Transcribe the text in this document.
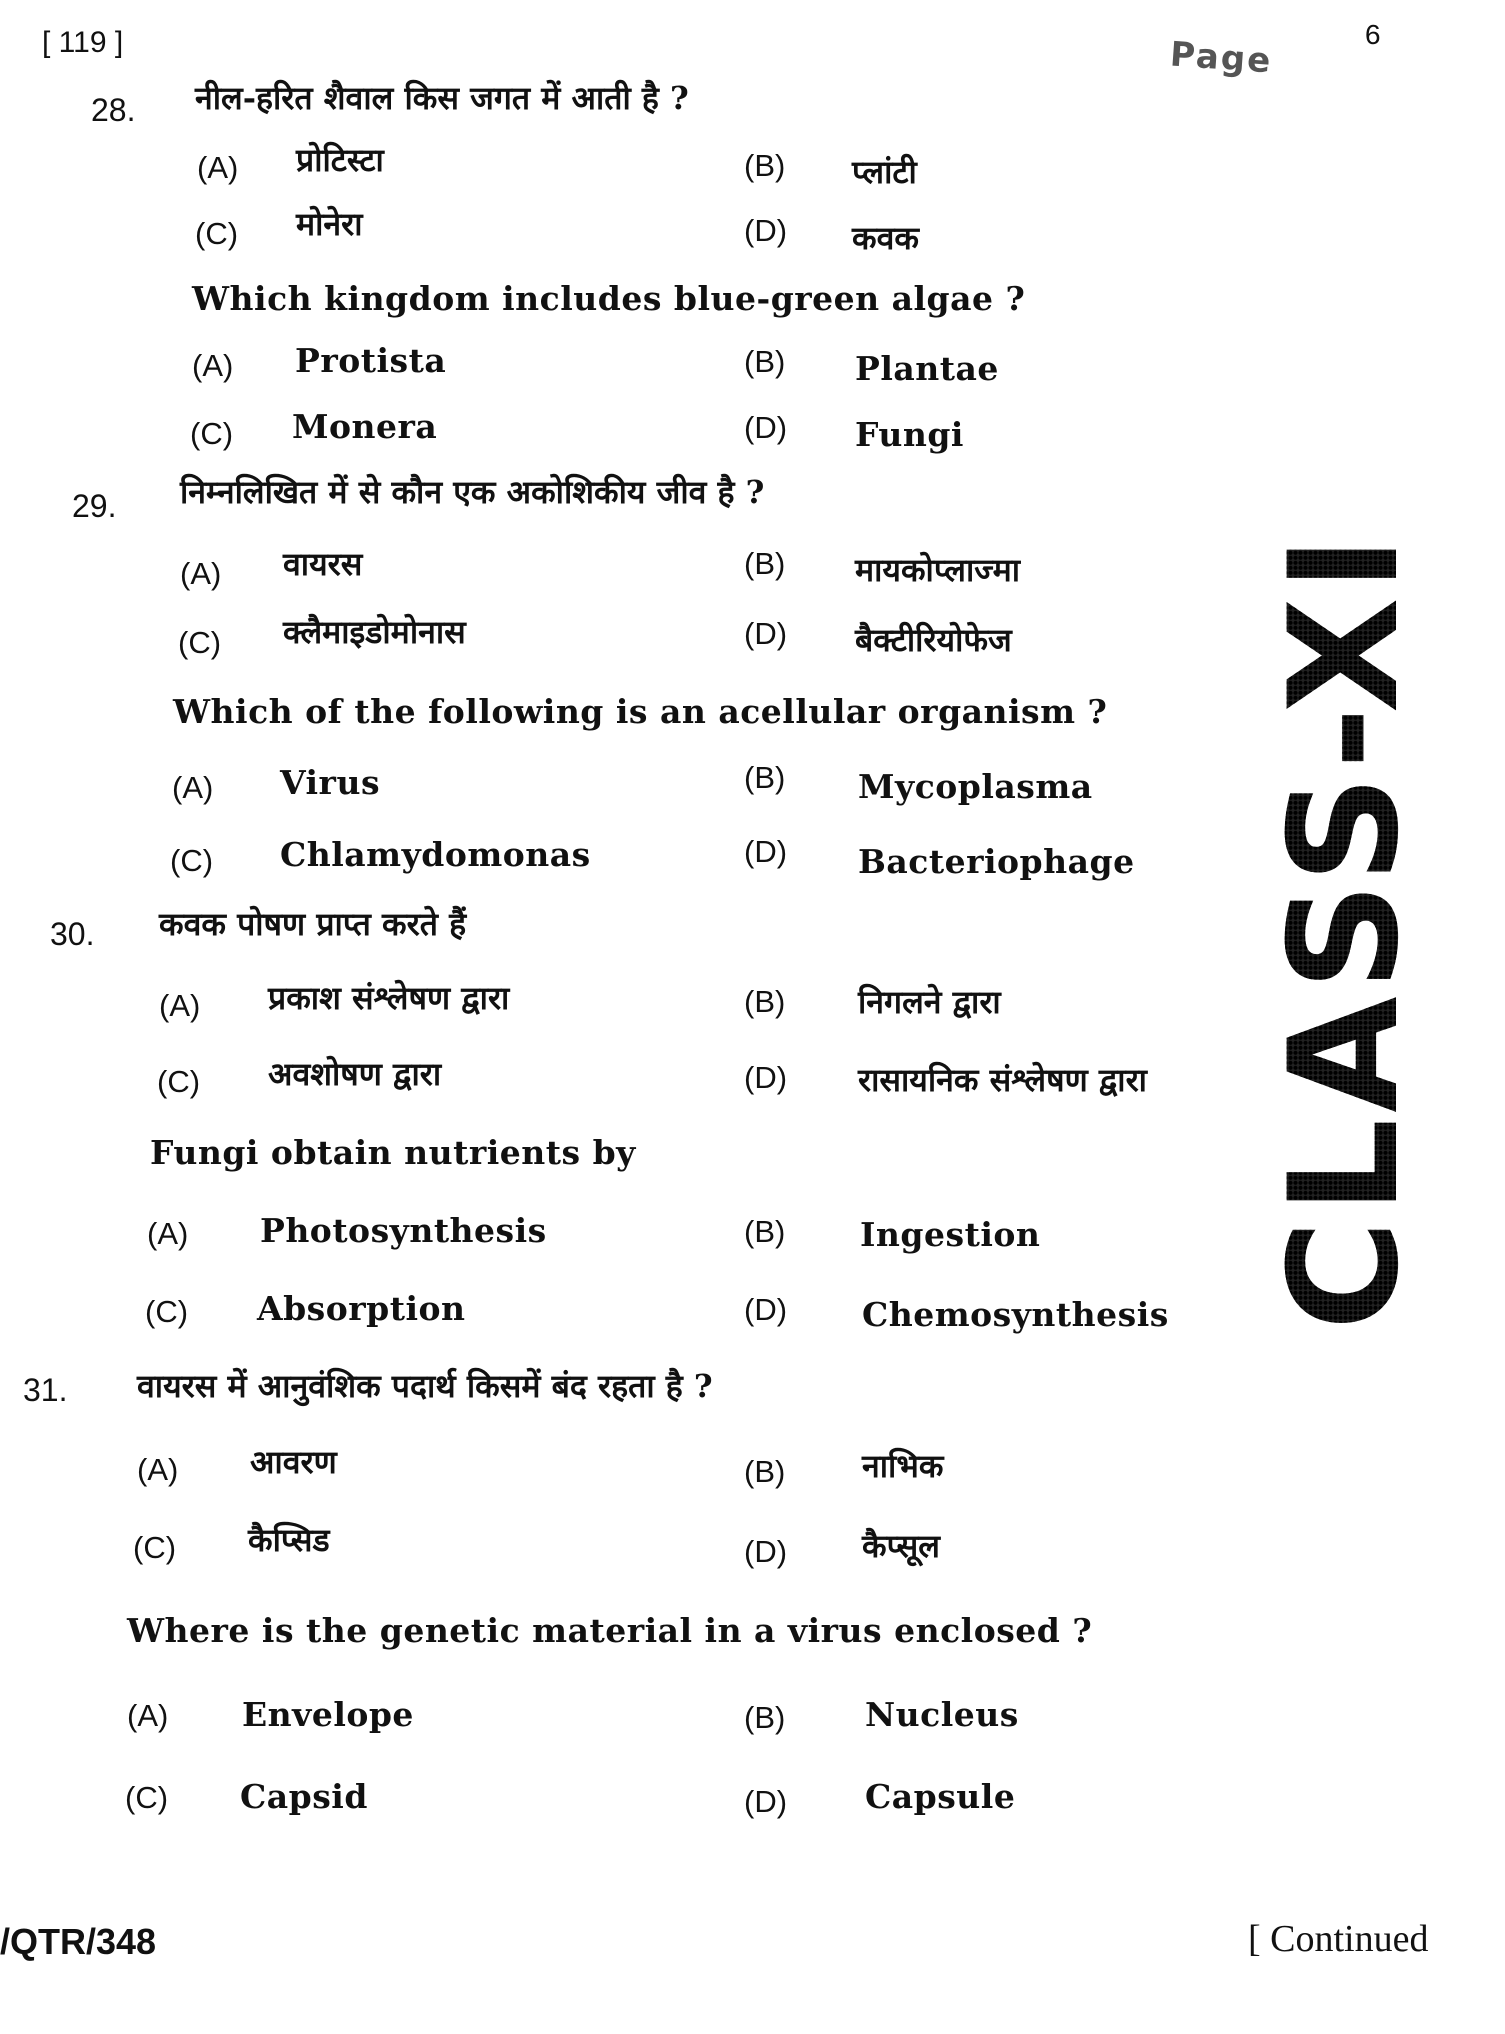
[ 119 ]	Page	9
CLASS-XI
28. नील-हरित शैवाल किस जगत में आती है ?
(A) प्रोटिस्टा	(B) प्लांटी
(C) मोनेरा	(D) कवक
Which kingdom includes blue-green algae ?
(A) Protista	(B) Plantae
(C) Monera	(D) Fungi
29. निम्नलिखित में से कौन एक अकोशिकीय जीव है ?
(A) वायरस	(B) मायकोप्लाज्मा
(C) क्लैमाइडोमोनास	(D) बैक्टीरियोफेज
Which of the following is an acellular organism ?
(A) Virus	(B) Mycoplasma
(C) Chlamydomonas	(D) Bacteriophage
30. कवक पोषण प्राप्त करते हैं
(A) प्रकाश संश्लेषण द्वारा	(B) निगलने द्वारा
(C) अवशोषण द्वारा	(D) रासायनिक संश्लेषण द्वारा
Fungi obtain nutrients by
(A) Photosynthesis	(B) Ingestion
(C) Absorption	(D) Chemosynthesis
31. वायरस में आनुवंशिक पदार्थ किसमें बंद रहता है ?
(A) आवरण	(B) नाभिक
(C) कैप्सिड	(D) कैप्सूल
Where is the genetic material in a virus enclosed ?
(A) Envelope	(B) Nucleus
(C) Capsid	(D) Capsule
/QTR/348	[ Continued
